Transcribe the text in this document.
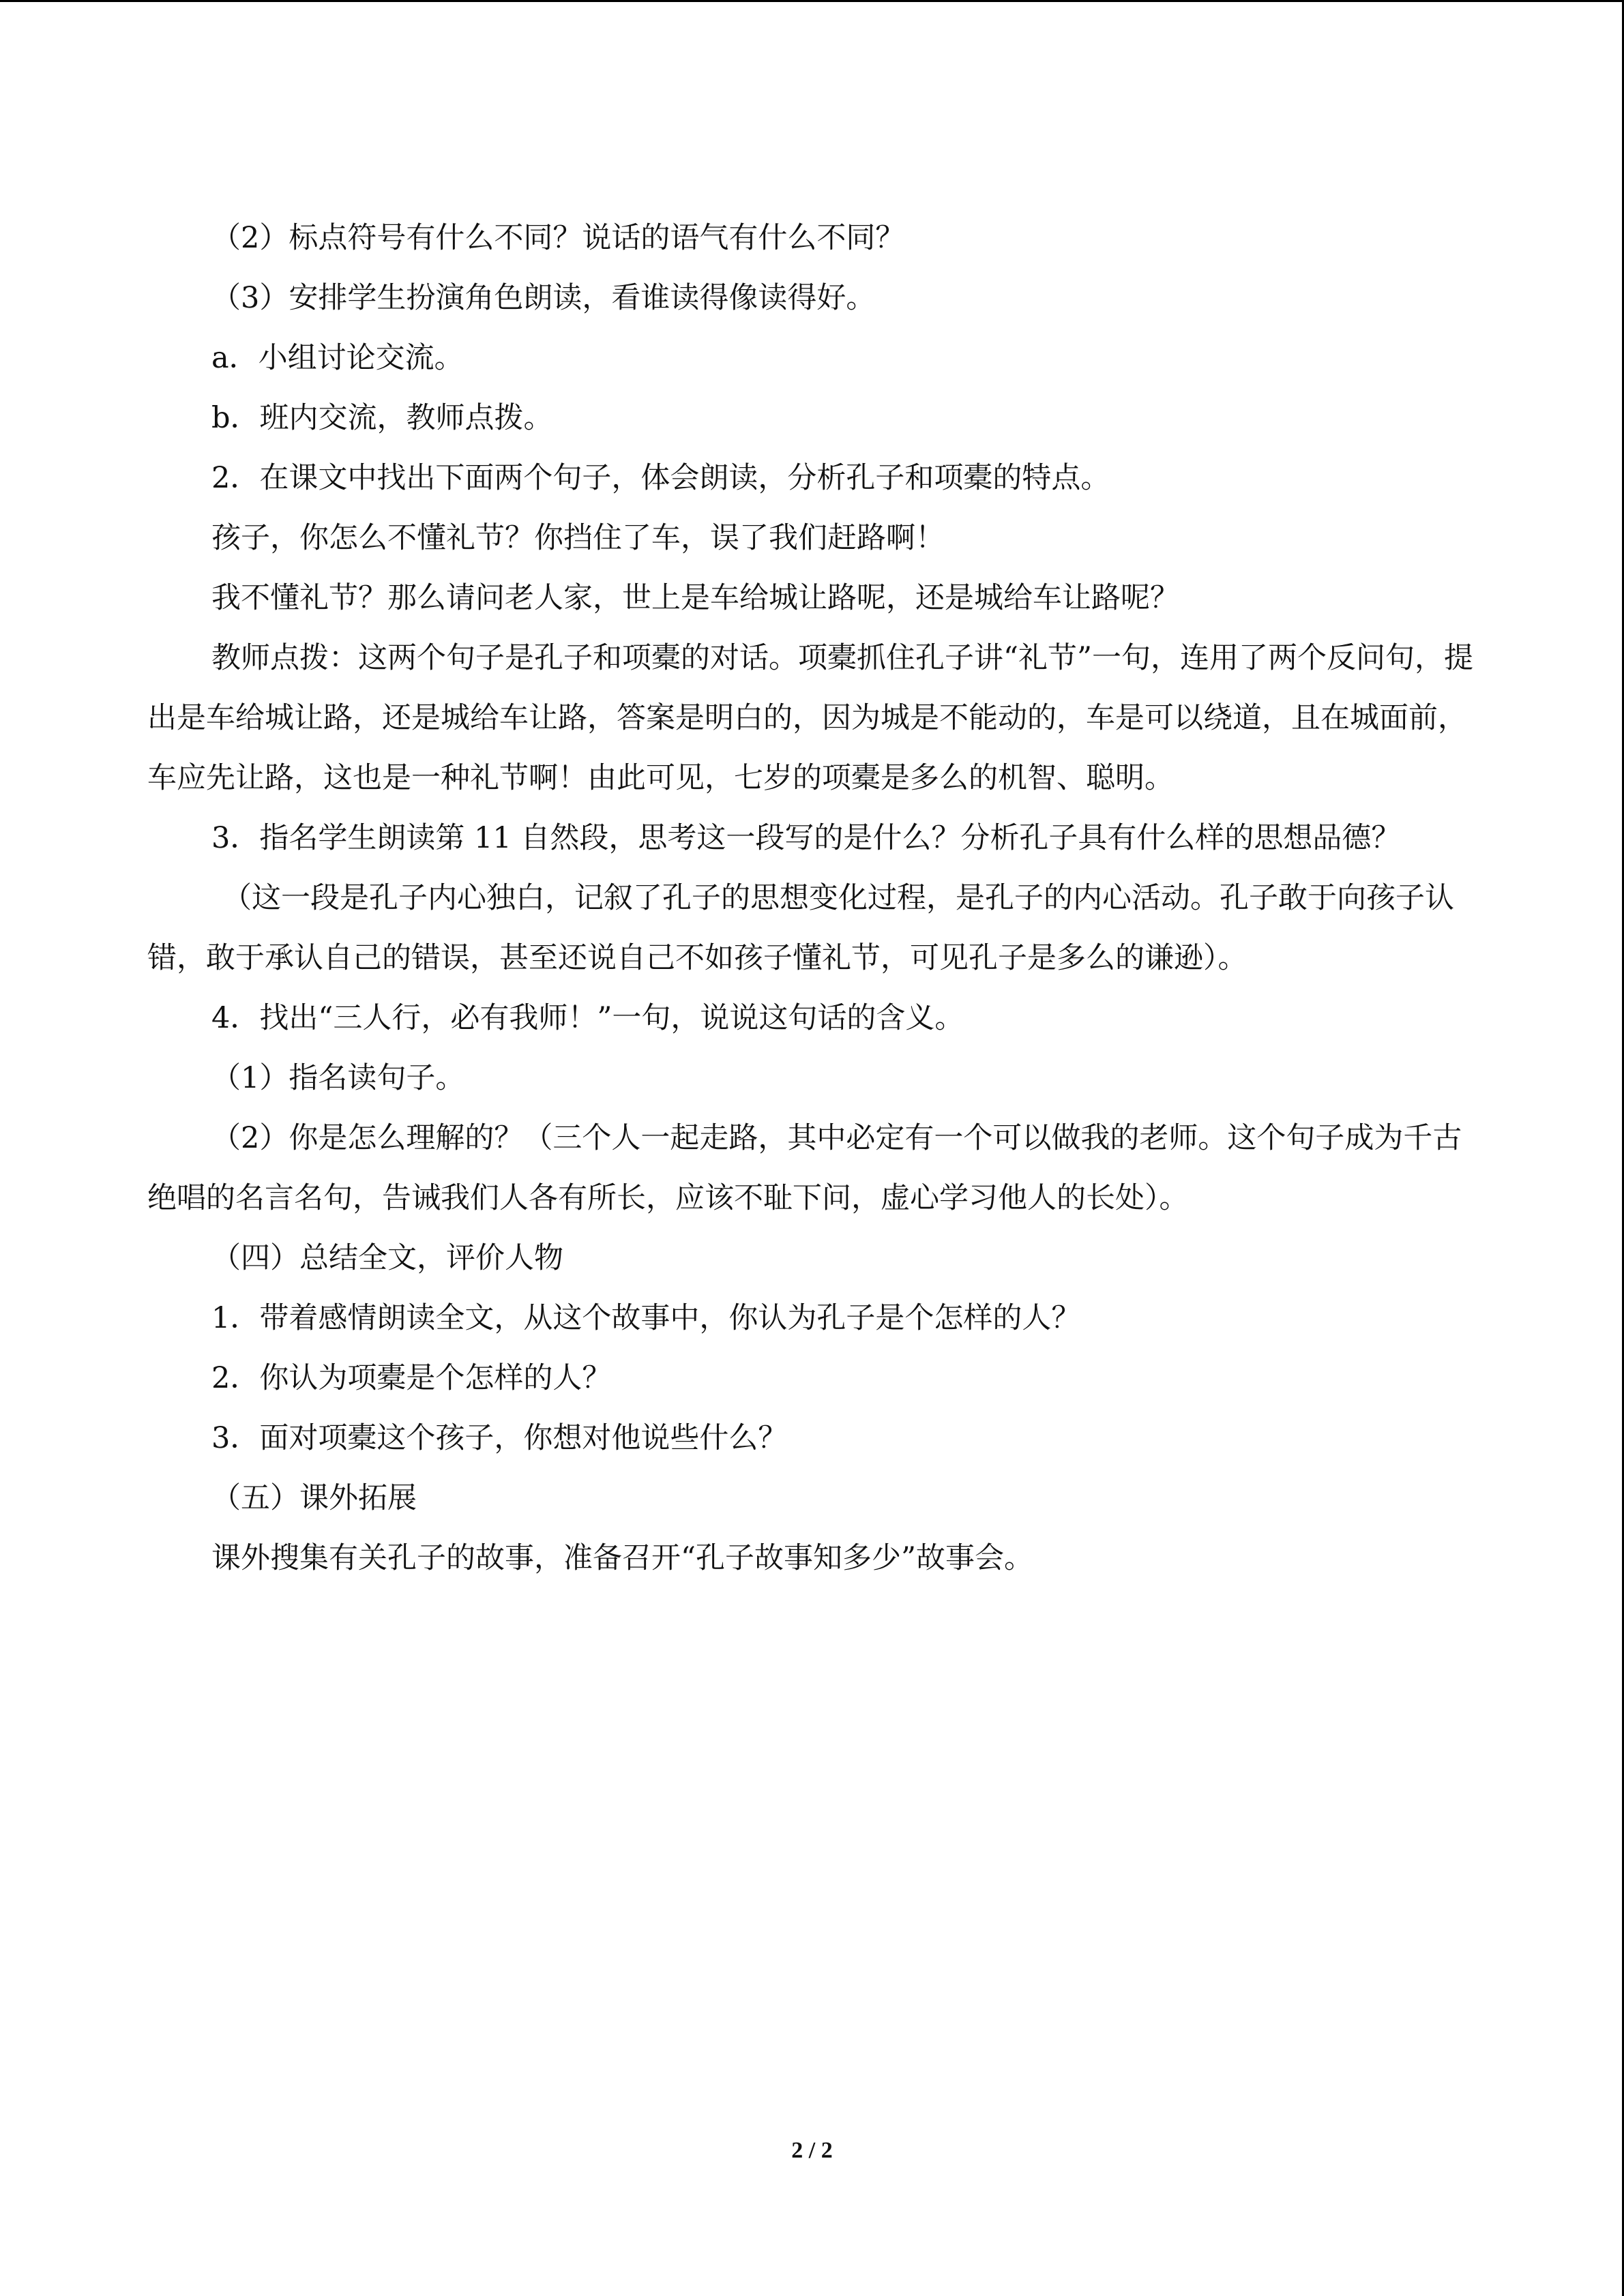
（2）标点符号有什么不同？说话的语气有什么不同？

（3）安排学生扮演角色朗读，看谁读得像读得好。

a．小组讨论交流。

b．班内交流，教师点拨。

2．在课文中找出下面两个句子，体会朗读，分析孔子和项橐的特点。

孩子，你怎么不懂礼节？你挡住了车，误了我们赶路啊！

我不懂礼节？那么请问老人家，世上是车给城让路呢，还是城给车让路呢？

教师点拨：这两个句子是孔子和项橐的对话。项橐抓住孔子讲“礼节”一句，连用了两个反问句，提出是车给城让路，还是城给车让路，答案是明白的，因为城是不能动的，车是可以绕道，且在城面前，车应先让路，这也是一种礼节啊！由此可见，七岁的项橐是多么的机智、聪明。

3．指名学生朗读第 11 自然段，思考这一段写的是什么？分析孔子具有什么样的思想品德？

（这一段是孔子内心独白，记叙了孔子的思想变化过程，是孔子的内心活动。孔子敢于向孩子认错，敢于承认自己的错误，甚至还说自己不如孩子懂礼节，可见孔子是多么的谦逊）。

4．找出“三人行，必有我师！”一句，说说这句话的含义。

（1）指名读句子。

（2）你是怎么理解的？（三个人一起走路，其中必定有一个可以做我的老师。这个句子成为千古绝唱的名言名句，告诫我们人各有所长，应该不耻下问，虚心学习他人的长处）。

（四）总结全文，评价人物

1．带着感情朗读全文，从这个故事中，你认为孔子是个怎样的人？

2．你认为项橐是个怎样的人？

3．面对项橐这个孩子，你想对他说些什么？

（五）课外拓展

课外搜集有关孔子的故事，准备召开“孔子故事知多少”故事会。

2 / 2
